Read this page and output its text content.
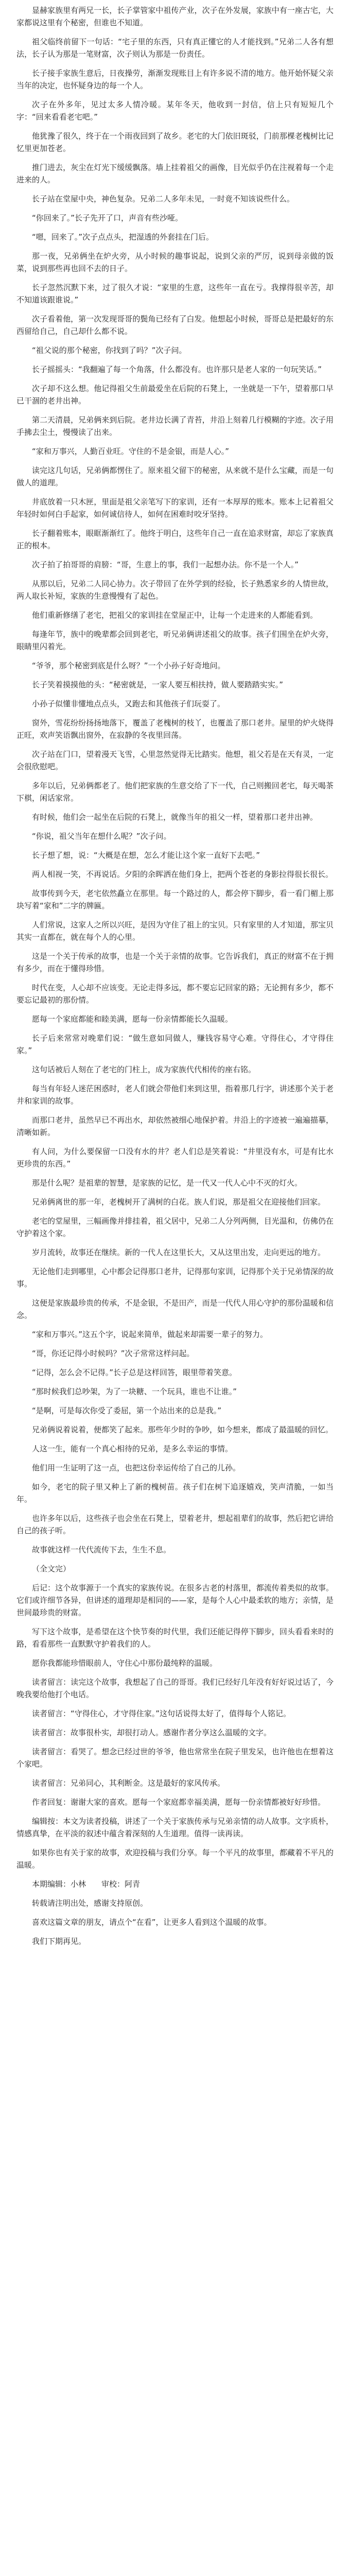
显赫家族里有两兄一长，长子掌管家中祖传产业，次子在外发展，家族中有一座古宅，大家都说这里有个秘密，但谁也不知道。

祖父临终前留下一句话：“宅子里的东西，只有真正懂它的人才能找到。”兄弟二人各有想法，长子认为那是一笔财富，次子则认为那是一份责任。

长子接手家族生意后，日夜操劳，渐渐发现账目上有许多说不清的地方。他开始怀疑父亲当年的决定，也怀疑身边的每一个人。

次子在外多年，见过太多人情冷暖。某年冬天，他收到一封信，信上只有短短几个字：“回来看看老宅吧。”

他犹豫了很久，终于在一个雨夜回到了故乡。老宅的大门依旧斑驳，门前那棵老槐树比记忆里更加苍老。

推门进去，灰尘在灯光下缓缓飘落。墙上挂着祖父的画像，目光似乎仍在注视着每一个走进来的人。

长子站在堂屋中央，神色复杂。兄弟二人多年未见，一时竟不知该说些什么。

“你回来了。”长子先开了口，声音有些沙哑。

“嗯，回来了。”次子点点头，把湿透的外套挂在门后。

那一夜，兄弟俩坐在炉火旁，从小时候的趣事说起，说到父亲的严厉，说到母亲做的饭菜，说到那些再也回不去的日子。

长子忽然沉默下来，过了很久才说：“家里的生意，这些年一直在亏。我撑得很辛苦，却不知道该跟谁说。”

次子看着他，第一次发现哥哥的鬓角已经有了白发。他想起小时候，哥哥总是把最好的东西留给自己，自己却什么都不说。

“祖父说的那个秘密，你找到了吗？”次子问。

长子摇摇头：“我翻遍了每一个角落，什么都没有。也许那只是老人家的一句玩笑话。”

次子却不这么想。他记得祖父生前最爱坐在后院的石凳上，一坐就是一下午，望着那口早已干涸的老井出神。

第二天清晨，兄弟俩来到后院。老井边长满了青苔，井沿上刻着几行模糊的字迹。次子用手拂去尘土，慢慢读了出来。

“家和万事兴，人勤百业旺。守住的不是金银，而是人心。”

读完这几句话，兄弟俩都愣住了。原来祖父留下的秘密，从来就不是什么宝藏，而是一句做人的道理。

井底放着一只木匣，里面是祖父亲笔写下的家训，还有一本厚厚的账本。账本上记着祖父年轻时如何白手起家，如何诚信待人，如何在困难时咬牙坚持。

长子翻着账本，眼眶渐渐红了。他终于明白，这些年自己一直在追求财富，却忘了家族真正的根本。

次子拍了拍哥哥的肩膀：“哥，生意上的事，我们一起想办法。你不是一个人。”

从那以后，兄弟二人同心协力。次子带回了在外学到的经验，长子熟悉家乡的人情世故，两人取长补短，家族的生意慢慢有了起色。

他们重新修缮了老宅，把祖父的家训挂在堂屋正中，让每一个走进来的人都能看到。

每逢年节，族中的晚辈都会回到老宅，听兄弟俩讲述祖父的故事。孩子们围坐在炉火旁，眼睛里闪着光。

“爷爷，那个秘密到底是什么呀？”一个小孙子好奇地问。

长子笑着摸摸他的头：“秘密就是，一家人要互相扶持，做人要踏踏实实。”

小孙子似懂非懂地点点头，又跑去和其他孩子们玩耍了。

窗外，雪花纷纷扬扬地落下，覆盖了老槐树的枝丫，也覆盖了那口老井。屋里的炉火烧得正旺，欢声笑语飘出窗外，在寂静的冬夜里回荡。

次子站在门口，望着漫天飞雪，心里忽然觉得无比踏实。他想，祖父若是在天有灵，一定会很欣慰吧。

多年以后，兄弟俩都老了。他们把家族的生意交给了下一代，自己则搬回老宅，每天喝茶下棋，闲话家常。

有时候，他们会一起坐在后院的石凳上，就像当年的祖父一样，望着那口老井出神。

“你说，祖父当年在想什么呢？”次子问。

长子想了想，说：“大概是在想，怎么才能让这个家一直好下去吧。”

两人相视一笑，不再说话。夕阳的余晖洒在他们身上，把两个苍老的身影拉得很长很长。

故事传到今天，老宅依然矗立在那里。每一个路过的人，都会停下脚步，看一看门楣上那块写着“家和”二字的牌匾。

人们常说，这家人之所以兴旺，是因为守住了祖上的宝贝。只有家里的人才知道，那宝贝其实一直都在，就在每个人的心里。

这是一个关于传承的故事，也是一个关于亲情的故事。它告诉我们，真正的财富不在于拥有多少，而在于懂得珍惜。

时代在变，人心却不应该变。无论走得多远，都不要忘记回家的路；无论拥有多少，都不要忘记最初的那份情。

愿每一个家庭都能和睦美满，愿每一份亲情都能长久温暖。

长子后来常常对晚辈们说：“做生意如同做人，赚钱容易守心难。守得住心，才守得住家。”

这句话被后人刻在了老宅的门柱上，成为家族代代相传的座右铭。

每当有年轻人迷茫困惑时，老人们就会带他们来到这里，指着那几行字，讲述那个关于老井和家训的故事。

而那口老井，虽然早已不再出水，却依然被细心地保护着。井沿上的字迹被一遍遍描摹，清晰如新。

有人问，为什么要保留一口没有水的井？老人们总是笑着说：“井里没有水，可是有比水更珍贵的东西。”

那是什么呢？是祖辈的智慧，是家族的记忆，是一代又一代人心中不灭的灯火。

兄弟俩离世的那一年，老槐树开了满树的白花。族人们说，那是祖父在迎接他们回家。

老宅的堂屋里，三幅画像并排挂着，祖父居中，兄弟二人分列两侧，目光温和，仿佛仍在守护着这个家。

岁月流转，故事还在继续。新的一代人在这里长大，又从这里出发，走向更远的地方。

无论他们走到哪里，心中都会记得那口老井，记得那句家训，记得那个关于兄弟情深的故事。

这便是家族最珍贵的传承，不是金银，不是田产，而是一代代人用心守护的那份温暖和信念。

“家和万事兴。”这五个字，说起来简单，做起来却需要一辈子的努力。

“哥，你还记得小时候吗？”次子常常这样问起。

“记得，怎么会不记得。”长子总是这样回答，眼里带着笑意。

“那时候我们总吵架，为了一块糖、一个玩具，谁也不让谁。”

“是啊，可是每次你受了委屈，第一个站出来的总是我。”

兄弟俩说着说着，便都笑了起来。那些年少时的争吵，如今想来，都成了最温暖的回忆。

人这一生，能有一个真心相待的兄弟，是多么幸运的事情。

他们用一生证明了这一点，也把这份幸运传给了自己的儿孙。

如今，老宅的院子里又种上了新的槐树苗。孩子们在树下追逐嬉戏，笑声清脆，一如当年。

也许多年以后，这些孩子也会坐在石凳上，望着老井，想起祖辈们的故事，然后把它讲给自己的孩子听。

故事就这样一代代流传下去，生生不息。

（全文完）

后记：这个故事源于一个真实的家族传说。在很多古老的村落里，都流传着类似的故事。它们或许细节各异，但讲述的道理却是相同的——家，是每个人心中最柔软的地方；亲情，是世间最珍贵的财富。

写下这个故事，是希望在这个快节奏的时代里，我们还能记得停下脚步，回头看看来时的路，看看那些一直默默守护着我们的人。

愿你我都能珍惜眼前人，守住心中那份最纯粹的温暖。

读者留言：读完这个故事，我想起了自己的哥哥。我们已经好几年没有好好说过话了，今晚我要给他打个电话。

读者留言：“守得住心，才守得住家。”这句话说得太好了，值得每个人铭记。

读者留言：故事很朴实，却很打动人。感谢作者分享这么温暖的文字。

读者留言：看哭了。想念已经过世的爷爷，他也常常坐在院子里发呆，也许他也在想着这个家吧。

读者留言：兄弟同心，其利断金。这是最好的家风传承。

作者回复：谢谢大家的喜欢。愿每一个家庭都幸福美满，愿每一份亲情都被好好珍惜。

编辑按：本文为读者投稿，讲述了一个关于家族传承与兄弟亲情的动人故事。文字质朴，情感真挚，在平淡的叙述中蕴含着深刻的人生道理。值得一读再读。

如果你也有关于家的故事，欢迎投稿与我们分享。每一个平凡的故事里，都藏着不平凡的温暖。

本期编辑：小林　　审校：阿青

转载请注明出处，感谢支持原创。

喜欢这篇文章的朋友，请点个“在看”，让更多人看到这个温暖的故事。

我们下期再见。
